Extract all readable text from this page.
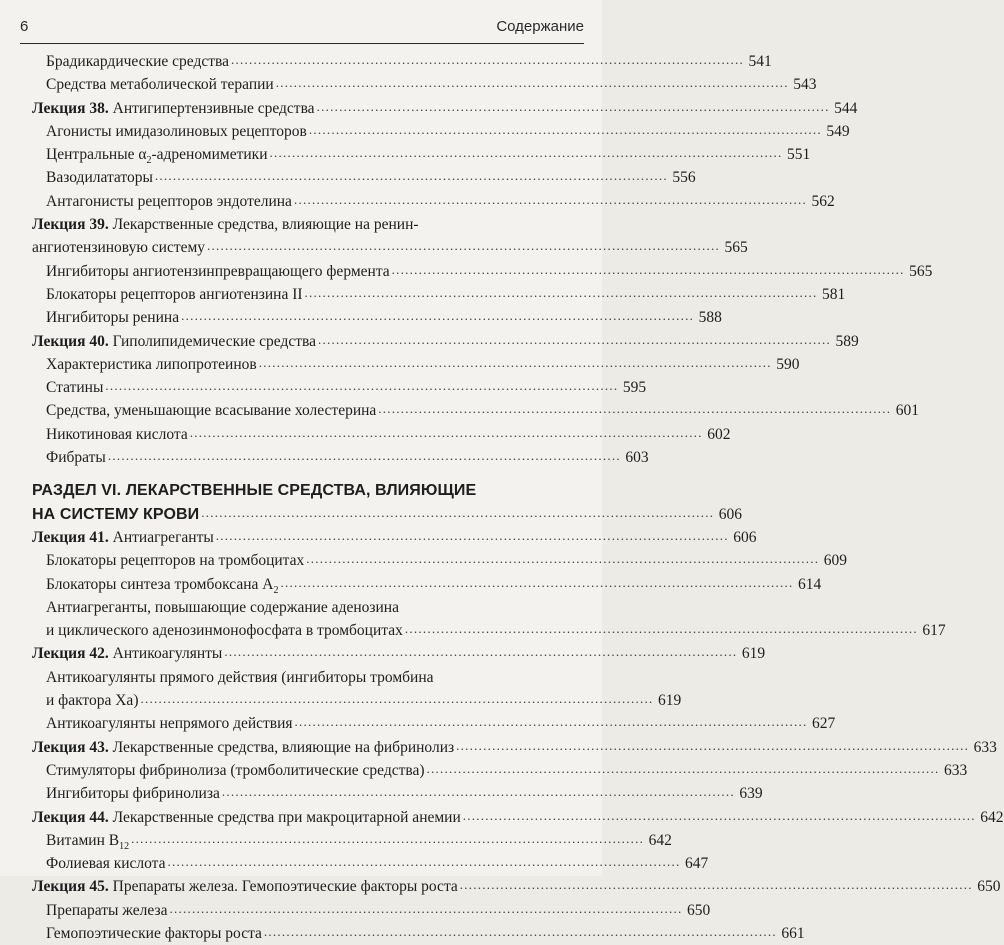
6	Содержание
Брадикардические средства . . .	541
Средства метаболической терапии . . .	543
Лекция 38. Антигипертензивные средства . . .	544
Агонисты имидазолиновых рецепторов . . .	549
Центральные $\alpha_2$-адреномиметики . . .	551
Вазодилататоры . . .	556
Антагонисты рецепторов эндотелина . . .	562
Лекция 39. Лекарственные средства, влияющие на ренин-
ангиотензиновую систему . . .	565
Ингибиторы ангиотензинпревращающего фермента . . .	565
Блокаторы рецепторов ангиотензина II . . .	581
Ингибиторы ренина . . .	588
Лекция 40. Гиполипидемические средства . . .	589
Характеристика липопротеинов . . .	590
Статины . . .	595
Средства, уменьшающие всасывание холестерина . . .	601
Никотиновая кислота . . .	602
Фибраты . . .	603
РАЗДЕЛ VI. ЛЕКАРСТВЕННЫЕ СРЕДСТВА, ВЛИЯЮЩИЕ
НА СИСТЕМУ КРОВИ . . .	606
Лекция 41. Антиагреганты . . .	606
Блокаторы рецепторов на тромбоцитах . . .	609
Блокаторы синтеза тромбоксана $A_2$ . . .	614
Антиагреганты, повышающие содержание аденозина
и циклического аденозинмонофосфата в тромбоцитах . . .	617
Лекция 42. Антикоагулянты . . .	619
Антикоагулянты прямого действия (ингибиторы тромбина
и фактора Xa) . . .	619
Антикоагулянты непрямого действия . . .	627
Лекция 43. Лекарственные средства, влияющие на фибринолиз . . .	633
Стимуляторы фибринолиза (тромболитические средства) . . .	633
Ингибиторы фибринолиза . . .	639
Лекция 44. Лекарственные средства при макроцитарной анемии . . .	642
Витамин $B_{12}$ . . .	642
Фолиевая кислота . . .	647
Лекция 45. Препараты железа. Гемопоэтические факторы роста . . .	650
Препараты железа . . .	650
Гемопоэтические факторы роста . . .	661
